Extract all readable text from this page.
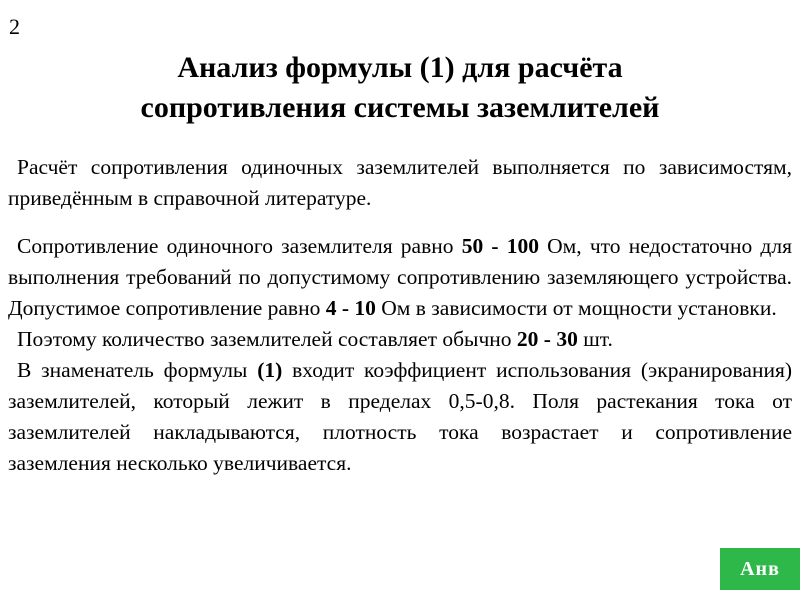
2
Анализ формулы (1) для расчёта
сопротивления системы заземлителей

Расчёт сопротивления одиночных заземлителей выполняется по зависимостям, приведённым в справочной литературе.

Сопротивление одиночного заземлителя равно 50 - 100 Ом, что недостаточно для выполнения требований по допустимому сопротивлению заземляющего устройства. Допустимое сопротивление равно 4 - 10 Ом в зависимости от мощности установки.

Поэтому количество заземлителей составляет обычно 20 - 30 шт.

В знаменатель формулы (1) входит коэффициент использования (экранирования) заземлителей, который лежит в пределах 0,5-0,8. Поля растекания тока от заземлителей накладываются, плотность тока возрастает и сопротивление заземления несколько увеличивается.

Анв
